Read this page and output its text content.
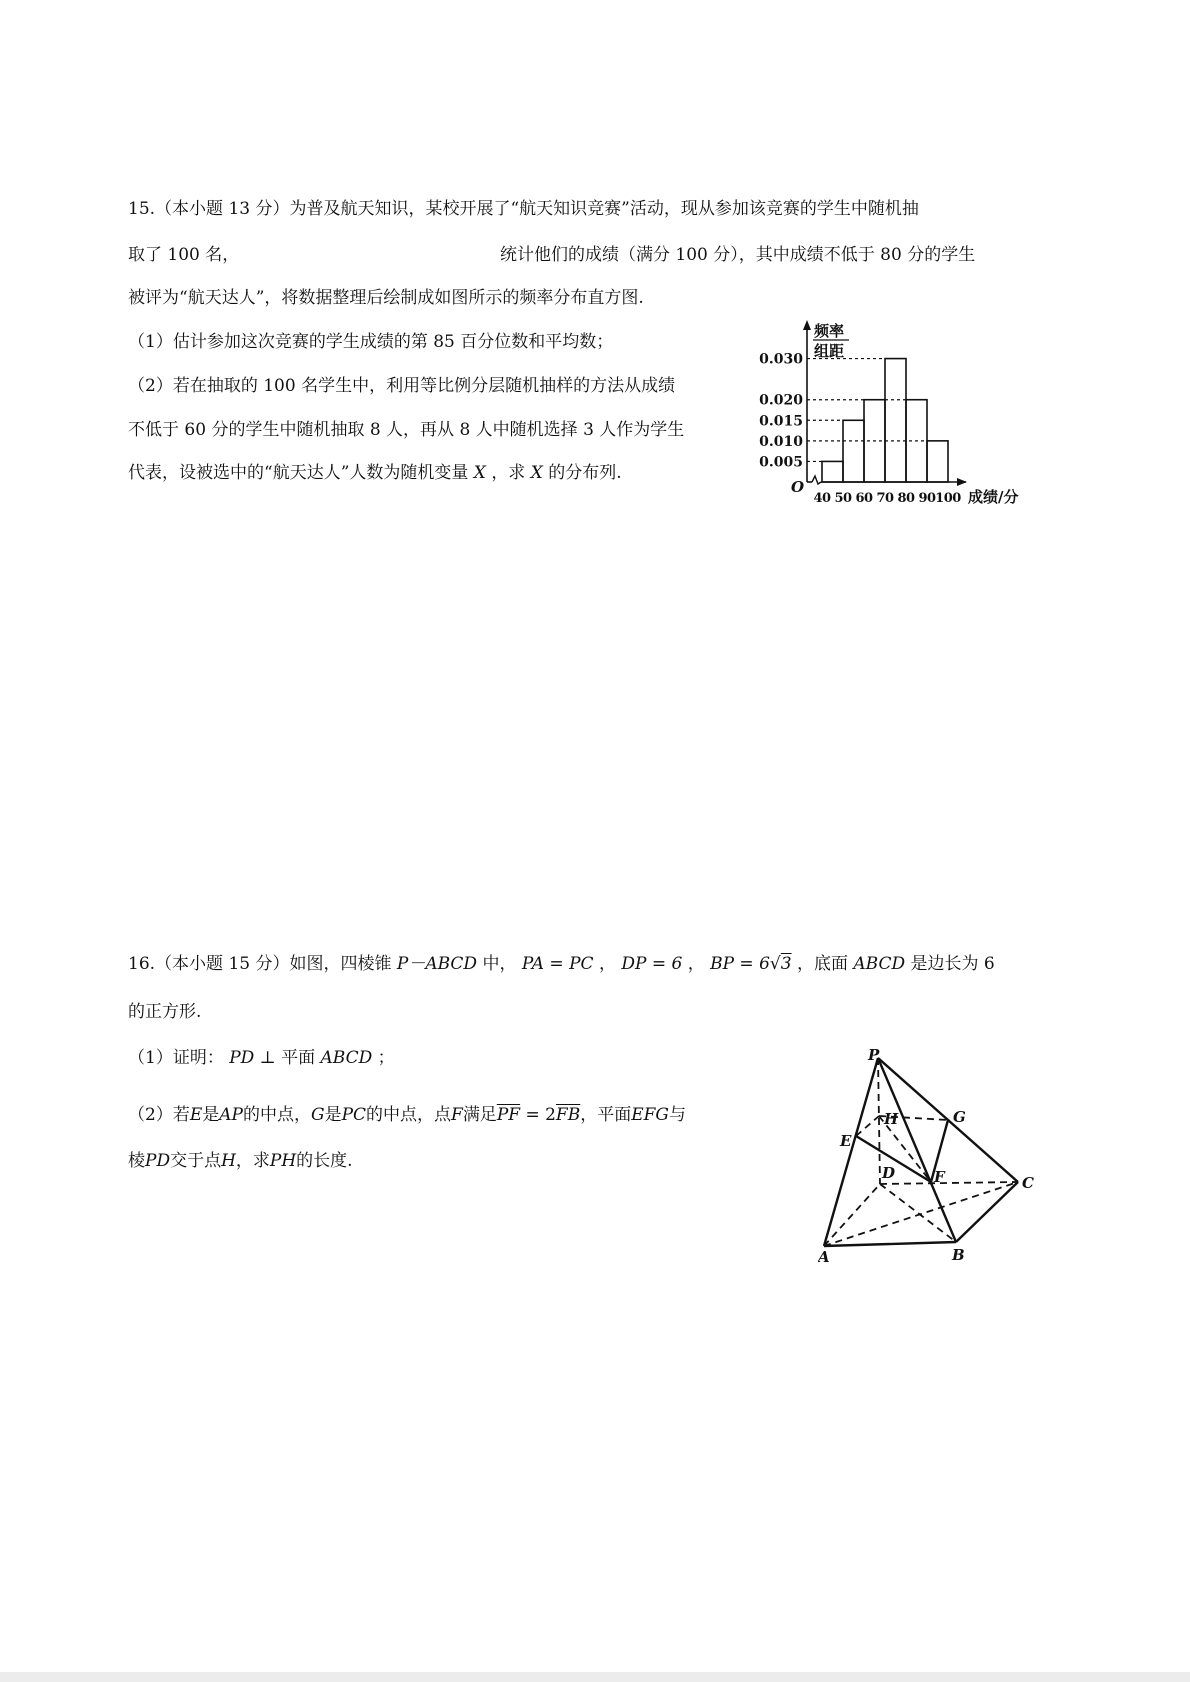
15.（本小题 13 分）为普及航天知识，某校开展了“航天知识竞赛”活动，现从参加该竞赛的学生中随机抽
取了 100 名，	统计他们的成绩（满分 100 分），其中成绩不低于 80 分的学生
被评为“航天达人”，将数据整理后绘制成如图所示的频率分布直方图.
（1）估计参加这次竞赛的学生成绩的第 85 百分位数和平均数；
（2）若在抽取的 100 名学生中，利用等比例分层随机抽样的方法从成绩
不低于 60 分的学生中随机抽取 8 人，再从 8 人中随机选择 3 人作为学生
代表，设被选中的“航天达人”人数为随机变量 X ，求 X 的分布列.
0.030
0.020
0.015
0.010
0.005
40 50 60 70 80 90 100
O
频率
组距
成绩/分
16.（本小题 15 分）如图，四棱锥 P－ABCD 中， PA = PC ， DP = 6 ， BP = 6√3 ，底面 ABCD 是边长为 6
的正方形.
（1）证明： PD ⊥ 平面 ABCD ；
（2）若E是AP的中点，G是PC的中点，点F满足$\overline{PF} = 2\overline{FB}$，平面EFG与
棱PD交于点H，求PH的长度.
P
H	G
E
D	F	C
A	B
